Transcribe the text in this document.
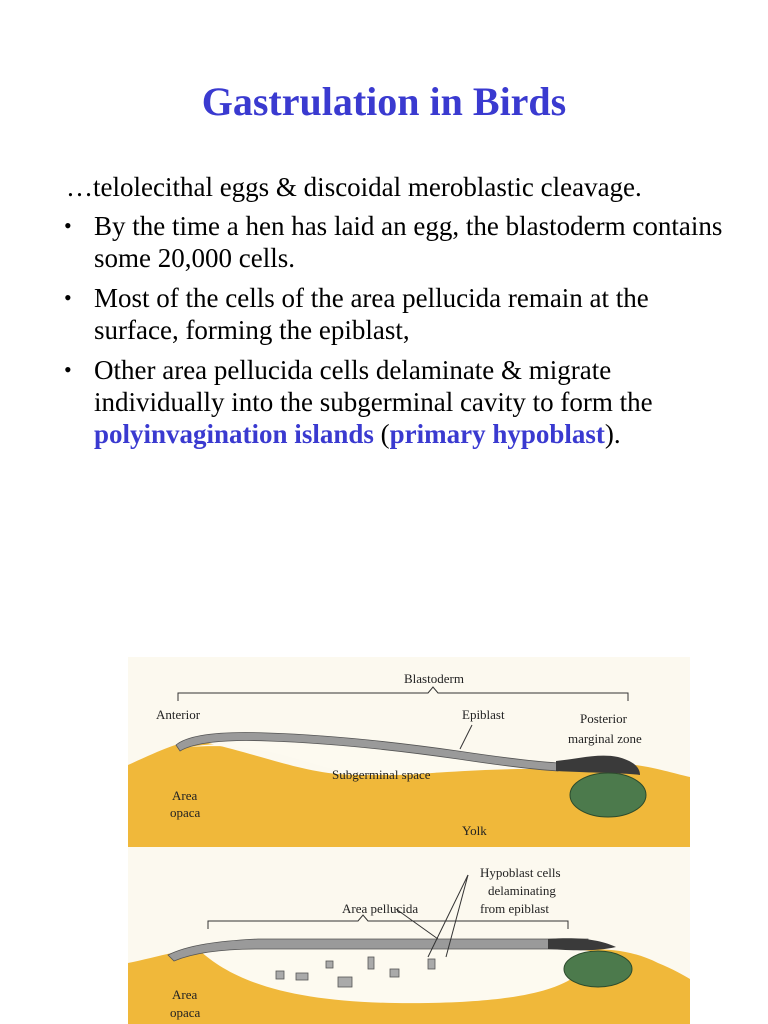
Gastrulation in Birds
…telolecithal eggs & discoidal meroblastic cleavage.
• By the time a hen has laid an egg, the blastoderm contains some 20,000 cells.
• Most of the cells of the area pellucida remain at the surface, forming the epiblast,
• Other area pellucida cells delaminate & migrate individually into the subgerminal cavity to form the polyinvagination islands (primary hypoblast).
Blastoderm
Anterior	Epiblast	Posterior
marginal zone
Subgerminal space
Area
opaca
Yolk
Hypoblast cells
delaminating
from epiblast
Area pellucida
Area
opaca
